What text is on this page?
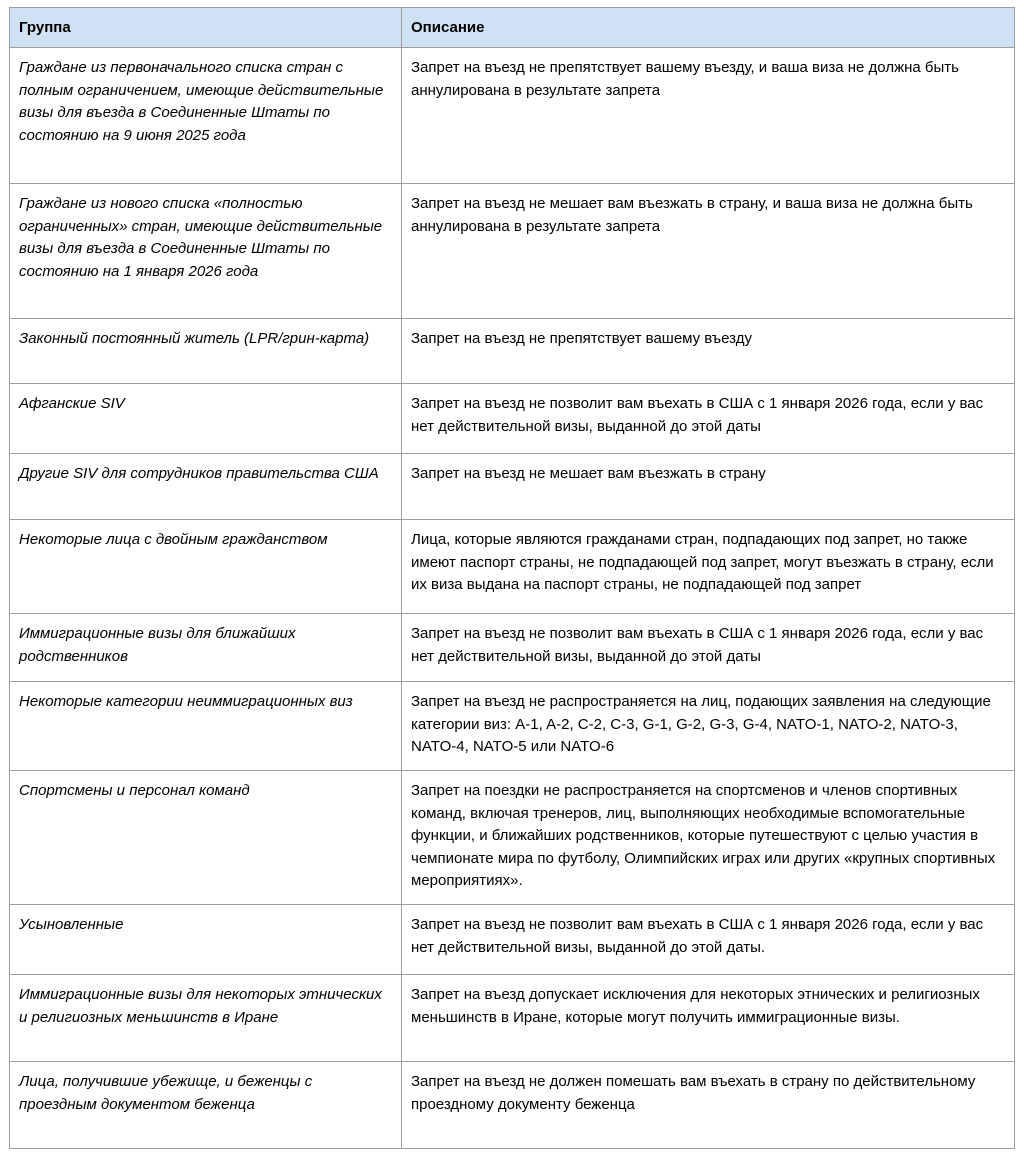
Группа	Описание
Граждане из первоначального списка стран с полным ограничением, имеющие действительные визы для въезда в Соединенные Штаты по состоянию на 9 июня 2025 года	Запрет на въезд не препятствует вашему въезду, и ваша виза не должна быть аннулирована в результате запрета
Граждане из нового списка «полностью ограниченных» стран, имеющие действительные визы для въезда в Соединенные Штаты по состоянию на 1 января 2026 года	Запрет на въезд не мешает вам въезжать в страну, и ваша виза не должна быть аннулирована в результате запрета
Законный постоянный житель (LPR/грин-карта)	Запрет на въезд не препятствует вашему въезду
Афганские SIV	Запрет на въезд не позволит вам въехать в США с 1 января 2026 года, если у вас нет действительной визы, выданной до этой даты
Другие SIV для сотрудников правительства США	Запрет на въезд не мешает вам въезжать в страну
Некоторые лица с двойным гражданством	Лица, которые являются гражданами стран, подпадающих под запрет, но также имеют паспорт страны, не подпадающей под запрет, могут въезжать в страну, если их виза выдана на паспорт страны, не подпадающей под запрет
Иммиграционные визы для ближайших родственников	Запрет на въезд не позволит вам въехать в США с 1 января 2026 года, если у вас нет действительной визы, выданной до этой даты
Некоторые категории неиммиграционных виз	Запрет на въезд не распространяется на лиц, подающих заявления на следующие категории виз: A-1, A-2, C-2, C-3, G-1, G-2, G-3, G-4, NATO-1, NATO-2, NATO-3, NATO-4, NATO-5 или NATO-6
Спортсмены и персонал команд	Запрет на поездки не распространяется на спортсменов и членов спортивных команд, включая тренеров, лиц, выполняющих необходимые вспомогательные функции, и ближайших родственников, которые путешествуют с целью участия в чемпионате мира по футболу, Олимпийских играх или других «крупных спортивных мероприятиях».
Усыновленные	Запрет на въезд не позволит вам въехать в США с 1 января 2026 года, если у вас нет действительной визы, выданной до этой даты.
Иммиграционные визы для некоторых этнических и религиозных меньшинств в Иране	Запрет на въезд допускает исключения для некоторых этнических и религиозных меньшинств в Иране, которые могут получить иммиграционные визы.
Лица, получившие убежище, и беженцы с проездным документом беженца	Запрет на въезд не должен помешать вам въехать в страну по действительному проездному документу беженца
